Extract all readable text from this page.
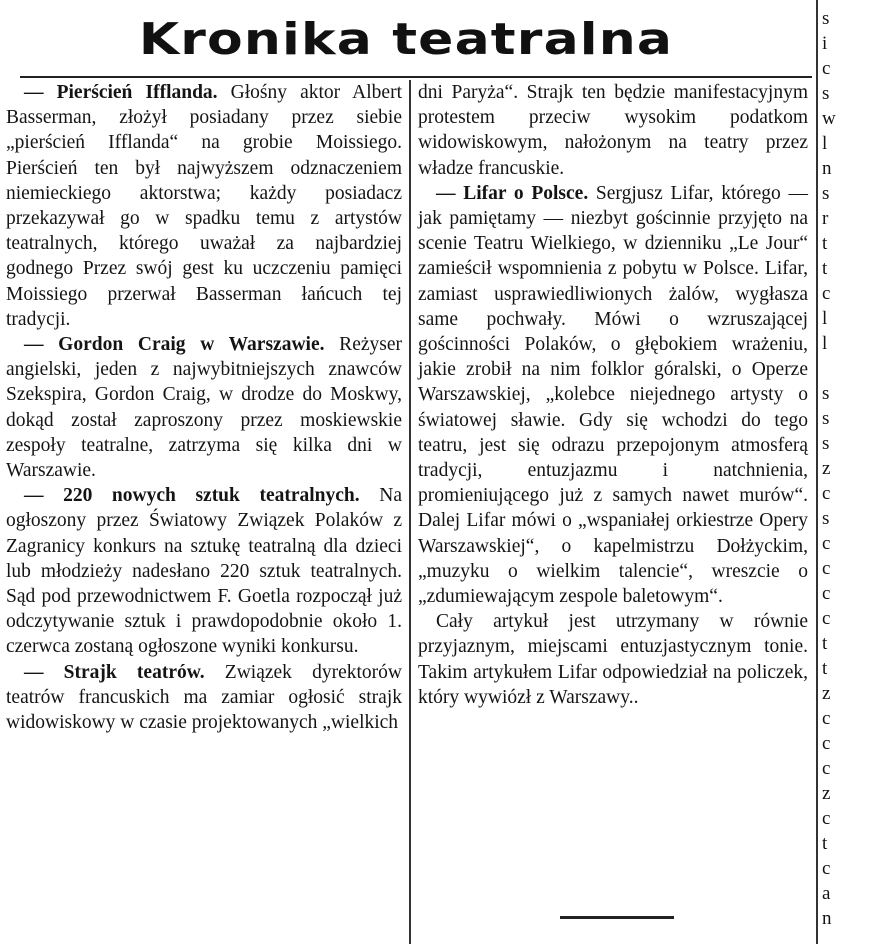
Kronika teatralna

— Pierścień Ifflanda. Głośny aktor Albert Basserman, złożył posiadany przez siebie „pierścień Ifflanda“ na grobie Moissiego. Pierścień ten był najwyższem odznaczeniem niemieckiego aktorstwa; każdy posiadacz przekazywał go w spadku temu z artystów teatralnych, którego uważał za najbardziej godnego Przez swój gest ku uczczeniu pamięci Moissiego przerwał Basserman łańcuch tej tradycji.

— Gordon Craig w Warszawie. Reżyser angielski, jeden z najwybitniejszych znawców Szekspira, Gordon Craig, w drodze do Moskwy, dokąd został zaproszony przez moskiewskie zespoły teatralne, zatrzyma się kilka dni w Warszawie.

— 220 nowych sztuk teatralnych. Na ogłoszony przez Światowy Związek Polaków z Zagranicy konkurs na sztukę teatralną dla dzieci lub młodzieży nadesłano 220 sztuk teatralnych. Sąd pod przewodnictwem F. Goetla rozpoczął już odczytywanie sztuk i prawdopodobnie około 1. czerwca zostaną ogłoszone wyniki konkursu.

— Strajk teatrów. Związek dyrektorów teatrów francuskich ma zamiar ogłosić strajk widowiskowy w czasie projektowanych „wielkich

dni Paryża“. Strajk ten będzie manifestacyjnym protestem przeciw wysokim podatkom widowiskowym, nałożonym na teatry przez władze francuskie.

— Lifar o Polsce. Sergjusz Lifar, którego — jak pamiętamy — niezbyt gościnnie przyjęto na scenie Teatru Wielkiego, w dzienniku „Le Jour“ zamieścił wspomnienia z pobytu w Polsce. Lifar, zamiast usprawiedliwionych żalów, wygłasza same pochwały. Mówi o wzruszającej gościnności Polaków, o głębokiem wrażeniu, jakie zrobił na nim folklor góralski, o Operze Warszawskiej, „kolebce niejednego artysty o światowej sławie. Gdy się wchodzi do tego teatru, jest się odrazu przepojonym atmosferą tradycji, entuzjazmu i natchnienia, promieniującego już z samych nawet murów“. Dalej Lifar mówi o „wspaniałej orkiestrze Opery Warszawskiej“, o kapelmistrzu Dołżyckim, „muzyku o wielkim talencie“, wreszcie o „zdumiewającym zespole baletowym“.

Cały artykuł jest utrzymany w równie przyjaznym, miejscami entuzjastycznym tonie. Takim artykułem Lifar odpowiedział na policzek, który wywiózł z Warszawy..

s
i
c
s
w
l
n
s
r
t
t
c
l
l
s
s
s
z
c
s
c
c
c
c
t
t
z
c
c
c
z
c
t
c
a
n
